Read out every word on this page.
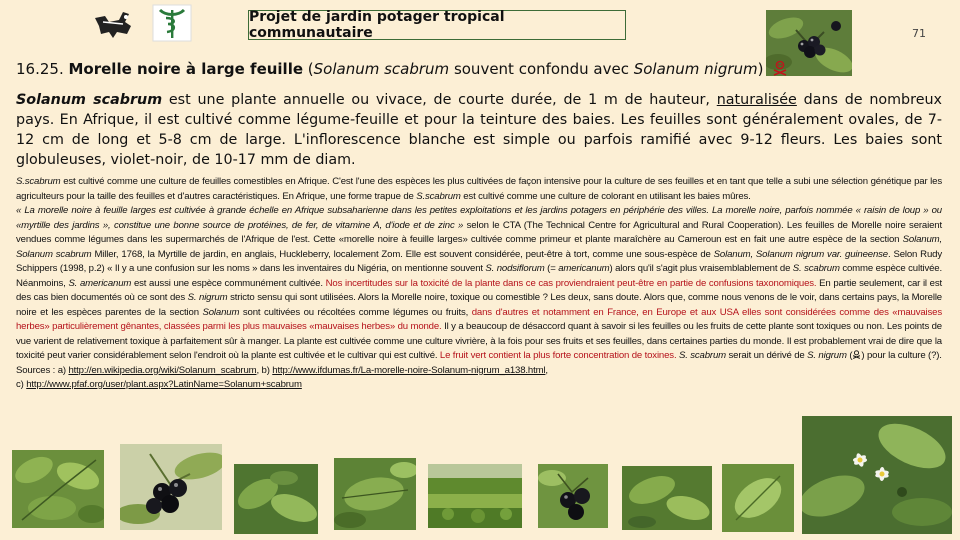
Projet de jardin potager tropical communautaire	71
16.25. Morelle noire à large feuille (Solanum scabrum souvent confondu avec Solanum nigrum)
Solanum scabrum est une plante annuelle ou vivace, de courte durée, de 1 m de hauteur, naturalisée dans de nombreux pays. En Afrique, il est cultivé comme légume-feuille et pour la teinture des baies. Les feuilles sont généralement ovales, de 7-12 cm de long et 5-8 cm de large. L'inflorescence blanche est simple ou parfois ramifié avec 9-12 fleurs. Les baies sont globuleuses, violet-noir, de 10-17 mm de diam.

S.scabrum est cultivé comme une culture de feuilles comestibles en Afrique. C'est l'une des espèces les plus cultivées de façon intensive pour la culture de ses feuilles et en tant que telle a subi une sélection génétique par les agriculteurs pour la taille des feuilles et d'autres caractéristiques. En Afrique, une forme trapue de S.scabrum est cultivé comme une culture de colorant en utilisant les baies mûres.

« La morelle noire à feuille larges est cultivée à grande échelle en Afrique subsaharienne dans les petites exploitations et les jardins potagers en périphérie des villes. La morelle noire, parfois nommée « raisin de loup » ou «myrtille des jardins », constitue une bonne source de protéines, de fer, de vitamine A, d'iode et de zinc » selon le CTA (The Technical Centre for Agricultural and Rural Cooperation). Les feuilles de Morelle noire seraient vendues comme légumes dans les supermarchés de l'Afrique de l'est. Cette «morelle noire à feuille larges» cultivée comme primeur et plante maraîchère au Cameroun est en fait une autre espèce de la section Solanum, Solanum scabrum Miller, 1768, la Myrtille de jardin, en anglais, Huckleberry, localement Zom. Elle est souvent considérée, peut-être à tort, comme une sous-espèce de Solanum, Solanum nigrum var. guineense. Selon Rudy Schippers (1998, p.2) « Il y a une confusion sur les noms » dans les inventaires du Nigéria, on mentionne souvent S. nodsiflorum (= americanum) alors qu'il s'agit plus vraisemblablement de S. scabrum comme espèce cultivée. Néanmoins, S. americanum est aussi une espèce communément cultivée. Nos incertitudes sur la toxicité de la plante dans ce cas proviendraient peut-être en partie de confusions taxonomiques. En partie seulement, car il est des cas bien documentés où ce sont des S. nigrum stricto sensu qui sont utilisées. Alors la Morelle noire, toxique ou comestible ? Les deux, sans doute. Alors que, comme nous venons de le voir, dans certains pays, la Morelle noire et les espèces parentes de la section Solanum sont cultivées ou récoltées comme légumes ou fruits, dans d'autres et notamment en France, en Europe et aux USA elles sont considérées comme des «mauvaises herbes» particulièrement gênantes, classées parmi les plus mauvaises «mauvaises herbes» du monde. Il y a beaucoup de désaccord quant à savoir si les feuilles ou les fruits de cette plante sont toxiques ou non. Les points de vue varient de relativement toxique à parfaitement sûr à manger. La plante est cultivée comme une culture vivrière, à la fois pour ses fruits et ses feuilles, dans certaines parties du monde. Il est probablement vrai de dire que la toxicité peut varier considérablement selon l'endroit où la plante est cultivée et le cultivar qui est cultivé. Le fruit vert contient la plus forte concentration de toxines. S. scabrum serait un dérivé de S. nigrum ( ) pour la culture (?).

Sources : a) http://en.wikipedia.org/wiki/Solanum_scabrum, b) http://www.ifdumas.fr/La-morelle-noire-Solanum-nigrum_a138.html,

c) http://www.pfaf.org/user/plant.aspx?LatinName=Solanum+scabrum
